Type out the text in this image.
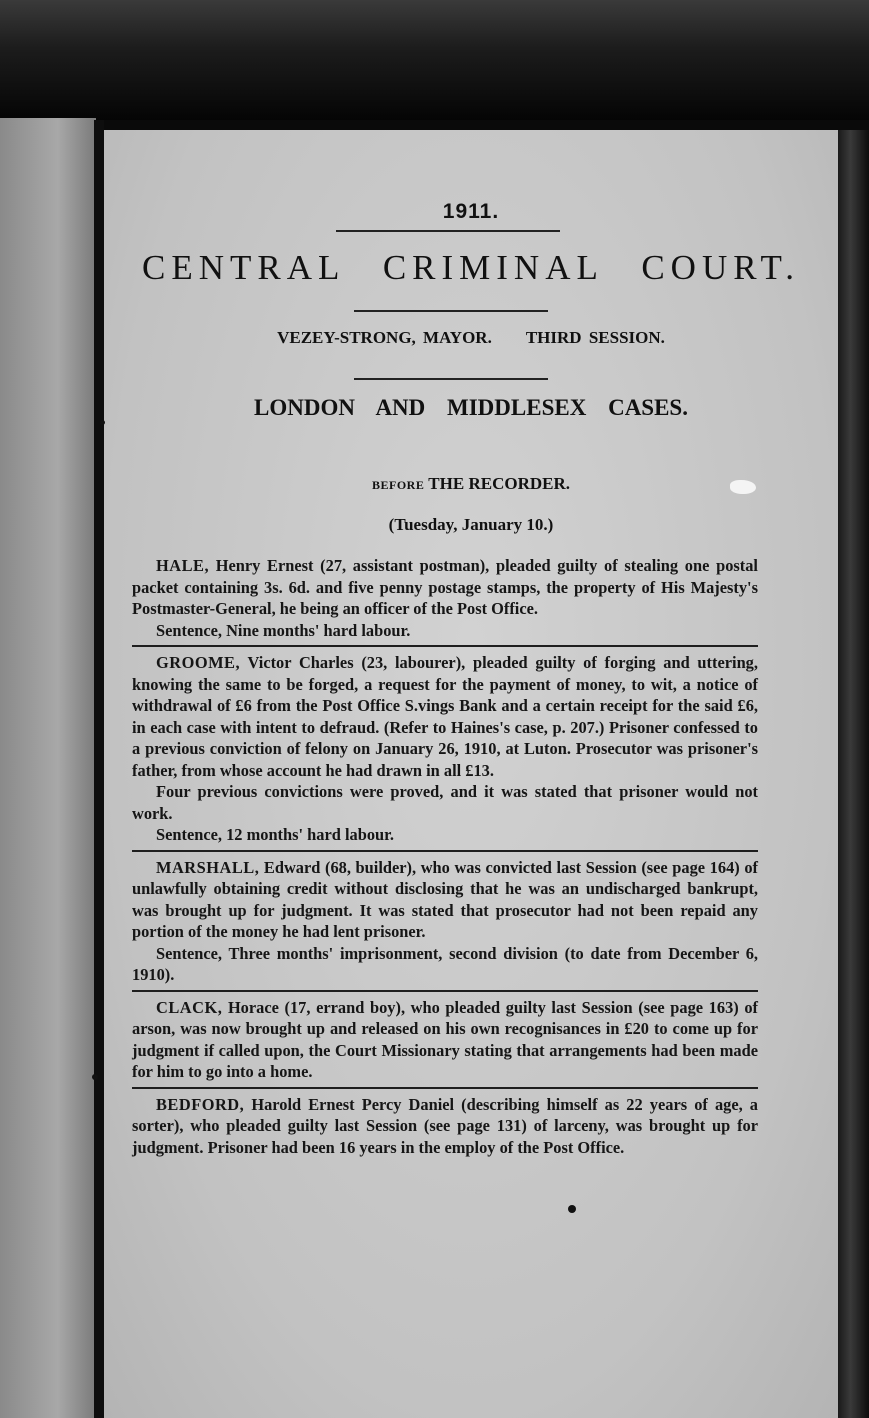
1911.
CENTRAL CRIMINAL COURT.
VEZEY-STRONG, MAYOR. THIRD SESSION.
LONDON AND MIDDLESEX CASES.
BEFORE THE RECORDER.
(Tuesday, January 10.)

HALE, Henry Ernest (27, assistant postman), pleaded guilty of stealing one postal packet containing 3s. 6d. and five penny postage stamps, the property of His Majesty's Postmaster-General, he being an officer of the Post Office.

Sentence, Nine months' hard labour.

GROOME, Victor Charles (23, labourer), pleaded guilty of forging and uttering, knowing the same to be forged, a request for the payment of money, to wit, a notice of withdrawal of £6 from the Post Office S.vings Bank and a certain receipt for the said £6, in each case with intent to defraud. (Refer to Haines's case, p. 207.) Prisoner confessed to a previous conviction of felony on January 26, 1910, at Luton. Prosecutor was prisoner's father, from whose account he had drawn in all £13.

Four previous convictions were proved, and it was stated that prisoner would not work.

Sentence, 12 months' hard labour.

MARSHALL, Edward (68, builder), who was convicted last Session (see page 164) of unlawfully obtaining credit without disclosing that he was an undischarged bankrupt, was brought up for judgment. It was stated that prosecutor had not been repaid any portion of the money he had lent prisoner.

Sentence, Three months' imprisonment, second division (to date from December 6, 1910).

CLACK, Horace (17, errand boy), who pleaded guilty last Session (see page 163) of arson, was now brought up and released on his own recognisances in £20 to come up for judgment if called upon, the Court Missionary stating that arrangements had been made for him to go into a home.

BEDFORD, Harold Ernest Percy Daniel (describing himself as 22 years of age, a sorter), who pleaded guilty last Session (see page 131) of larceny, was brought up for judgment. Prisoner had been 16 years in the employ of the Post Office.
